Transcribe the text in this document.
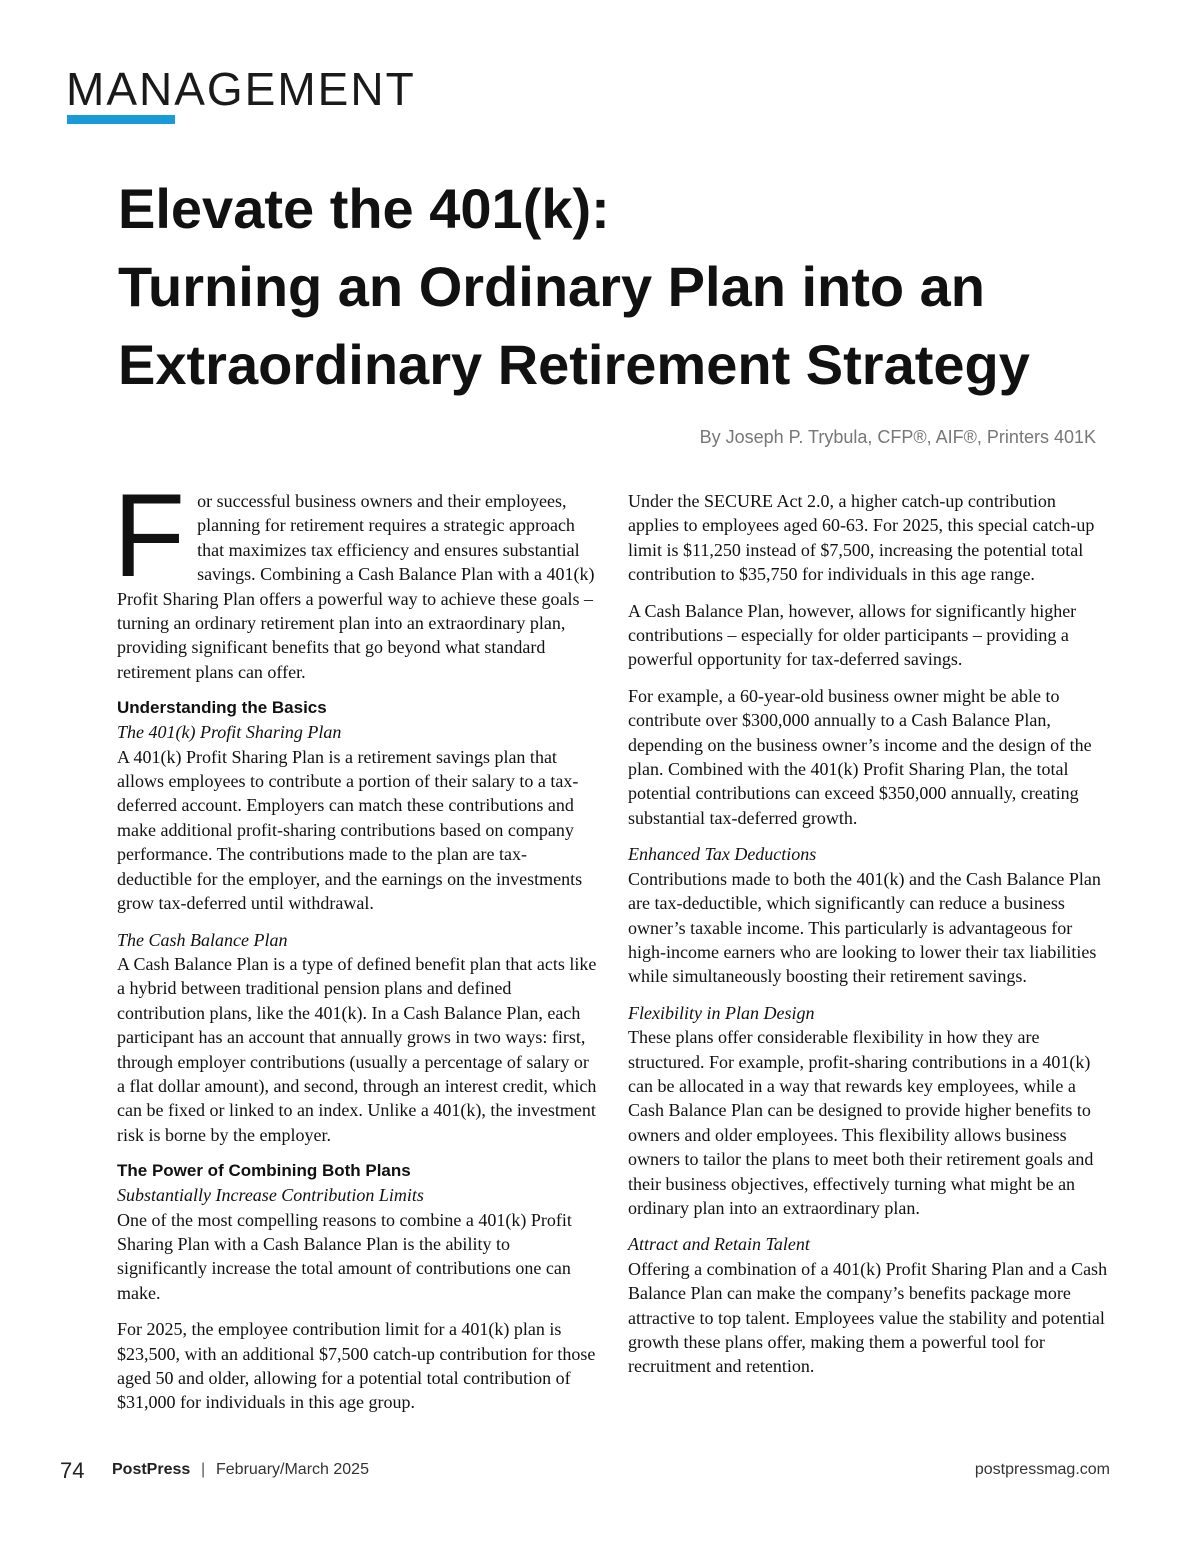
MANAGEMENT
Elevate the 401(k):
Turning an Ordinary Plan into an
Extraordinary Retirement Strategy
By Joseph P. Trybula, CFP®, AIF®, Printers 401K

For successful business owners and their employees, planning for retirement requires a strategic approach that maximizes tax efficiency and ensures substantial savings. Combining a Cash Balance Plan with a 401(k) Profit Sharing Plan offers a powerful way to achieve these goals – turning an ordinary retirement plan into an extraordinary plan, providing significant benefits that go beyond what standard retirement plans can offer.

Understanding the Basics
The 401(k) Profit Sharing Plan

A 401(k) Profit Sharing Plan is a retirement savings plan that allows employees to contribute a portion of their salary to a tax-deferred account. Employers can match these contributions and make additional profit-sharing contributions based on company performance. The contributions made to the plan are tax-deductible for the employer, and the earnings on the investments grow tax-deferred until withdrawal.

The Cash Balance Plan

A Cash Balance Plan is a type of defined benefit plan that acts like a hybrid between traditional pension plans and defined contribution plans, like the 401(k). In a Cash Balance Plan, each participant has an account that annually grows in two ways: first, through employer contributions (usually a percentage of salary or a flat dollar amount), and second, through an interest credit, which can be fixed or linked to an index. Unlike a 401(k), the investment risk is borne by the employer.

The Power of Combining Both Plans
Substantially Increase Contribution Limits

One of the most compelling reasons to combine a 401(k) Profit Sharing Plan with a Cash Balance Plan is the ability to significantly increase the total amount of contributions one can make.

For 2025, the employee contribution limit for a 401(k) plan is $23,500, with an additional $7,500 catch-up contribution for those aged 50 and older, allowing for a potential total contribution of $31,000 for individuals in this age group.

Under the SECURE Act 2.0, a higher catch-up contribution applies to employees aged 60-63. For 2025, this special catch-up limit is $11,250 instead of $7,500, increasing the potential total contribution to $35,750 for individuals in this age range.

A Cash Balance Plan, however, allows for significantly higher contributions – especially for older participants – providing a powerful opportunity for tax-deferred savings.

For example, a 60-year-old business owner might be able to contribute over $300,000 annually to a Cash Balance Plan, depending on the business owner’s income and the design of the plan. Combined with the 401(k) Profit Sharing Plan, the total potential contributions can exceed $350,000 annually, creating substantial tax-deferred growth.

Enhanced Tax Deductions

Contributions made to both the 401(k) and the Cash Balance Plan are tax-deductible, which significantly can reduce a business owner’s taxable income. This particularly is advantageous for high-income earners who are looking to lower their tax liabilities while simultaneously boosting their retirement savings.

Flexibility in Plan Design

These plans offer considerable flexibility in how they are structured. For example, profit-sharing contributions in a 401(k) can be allocated in a way that rewards key employees, while a Cash Balance Plan can be designed to provide higher benefits to owners and older employees. This flexibility allows business owners to tailor the plans to meet both their retirement goals and their business objectives, effectively turning what might be an ordinary plan into an extraordinary plan.

Attract and Retain Talent

Offering a combination of a 401(k) Profit Sharing Plan and a Cash Balance Plan can make the company’s benefits package more attractive to top talent. Employees value the stability and potential growth these plans offer, making them a powerful tool for recruitment and retention.

74 PostPress | February/March 2025	postpressmag.com
